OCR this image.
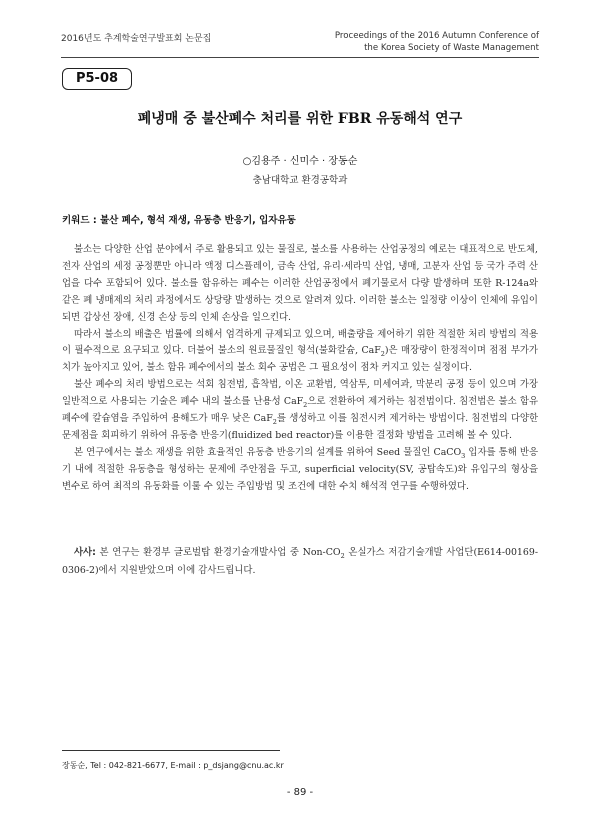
2016년도 추계학술연구발표회 논문집	Proceedings of the 2016 Autumn Conference of
the Korea Society of Waste Management
P5-08
폐냉매 중 불산폐수 처리를 위한 FBR 유동해석 연구
○김용주 · 신미수 · 장동순
충남대학교 환경공학과
키워드 : 불산 폐수, 형석 재생, 유동층 반응기, 입자유동

불소는 다양한 산업 분야에서 주로 활용되고 있는 물질로, 불소를 사용하는 산업공정의 예로는 대표적으로 반도체, 전자 산업의 세정 공정뿐만 아니라 액정 디스플레이, 금속 산업, 유리·세라믹 산업, 냉매, 고분자 산업 등 국가 주력 산업을 다수 포함되어 있다. 불소를 함유하는 폐수는 이러한 산업공정에서 폐기물로서 다량 발생하며 또한 R-124a와 같은 폐 냉매제의 처리 과정에서도 상당량 발생하는 것으로 알려져 있다. 이러한 불소는 일정량 이상이 인체에 유입이 되면 갑상선 장애, 신경 손상 등의 인체 손상을 일으킨다.

따라서 불소의 배출은 법률에 의해서 엄격하게 규제되고 있으며, 배출량을 제어하기 위한 적절한 처리 방법의 적용이 필수적으로 요구되고 있다. 더불어 불소의 원료물질인 형석(불화칼슘, CaF$_2$)은 매장량이 한정적이며 점점 부가가치가 높아지고 있어, 불소 함유 폐수에서의 불소 회수 공법은 그 필요성이 점차 커지고 있는 실정이다.

불산 폐수의 처리 방법으로는 석회 침전법, 흡착법, 이온 교환법, 역삼투, 미세여과, 막분리 공정 등이 있으며 가장 일반적으로 사용되는 기술은 폐수 내의 불소를 난용성 CaF$_2$으로 전환하여 제거하는 침전법이다. 침전법은 불소 함유 폐수에 칼슘염을 주입하여 용해도가 매우 낮은 CaF$_2$를 생성하고 이를 침전시켜 제거하는 방법이다. 침전법의 다양한 문제점을 회피하기 위하여 유동층 반응기(fluidized bed reactor)를 이용한 결정화 방법을 고려해 볼 수 있다.

본 연구에서는 불소 재생을 위한 효율적인 유동층 반응기의 설계를 위하여 Seed 물질인 CaCO$_3$ 입자를 통해 반응기 내에 적절한 유동층을 형성하는 문제에 주안점을 두고, superficial velocity(SV, 공탑속도)와 유입구의 형상을 변수로 하여 최적의 유동화를 이룰 수 있는 주입방법 및 조건에 대한 수치 해석적 연구를 수행하였다.

사사: 본 연구는 환경부 글로벌탑 환경기술개발사업 중 Non-$CO_2$ 온실가스 저감기술개발 사업단(E614-00169-0306-2)에서 지원받았으며 이에 감사드립니다.
장동순, Tel : 042-821-6677, E-mail : p_dsjang@cnu.ac.kr
- 89 -
